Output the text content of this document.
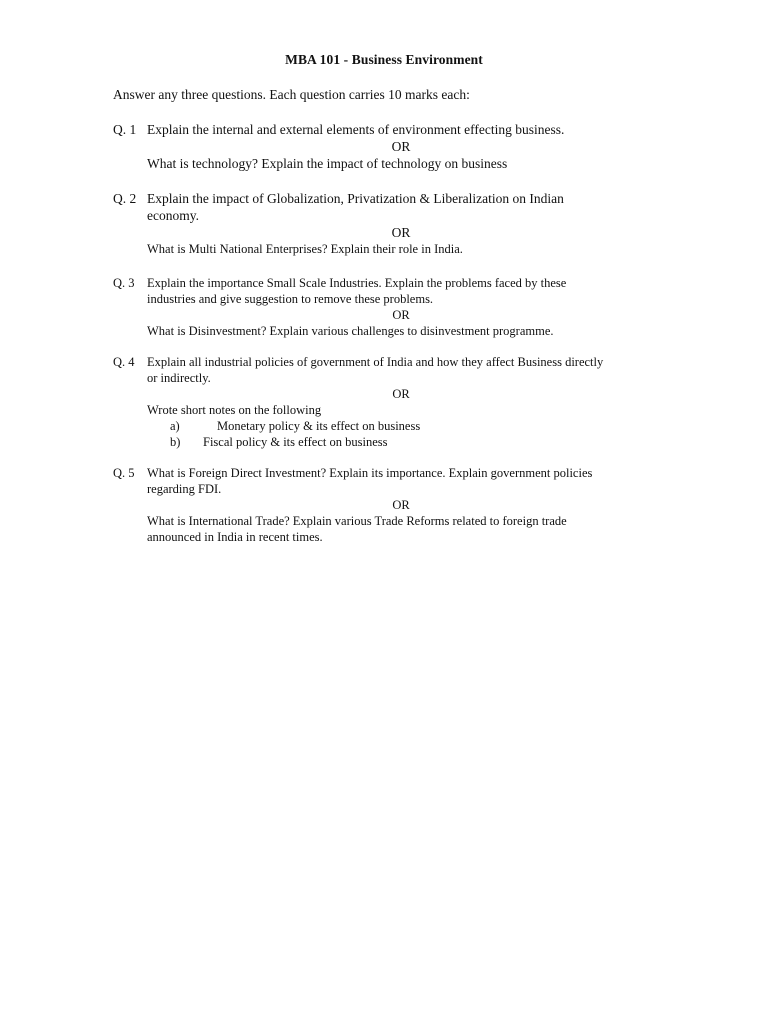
MBA 101 - Business Environment
Answer any three questions. Each question carries 10 marks each:
Q. 1 Explain the internal and external elements of environment effecting business.
OR
What is technology? Explain the impact of technology on business
Q. 2 Explain the impact of Globalization, Privatization & Liberalization on Indian
economy.
OR
What is Multi National Enterprises? Explain their role in India.
Q. 3 Explain the importance Small Scale Industries. Explain the problems faced by these
industries and give suggestion to remove these problems.
OR
What is Disinvestment? Explain various challenges to disinvestment programme.
Q. 4 Explain all industrial policies of government of India and how they affect Business directly
or indirectly.
OR
Wrote short notes on the following
a)	Monetary policy & its effect on business
b) Fiscal policy & its effect on business
Q. 5 What is Foreign Direct Investment? Explain its importance. Explain government policies
regarding FDI.
OR
What is International Trade? Explain various Trade Reforms related to foreign trade
announced in India in recent times.
